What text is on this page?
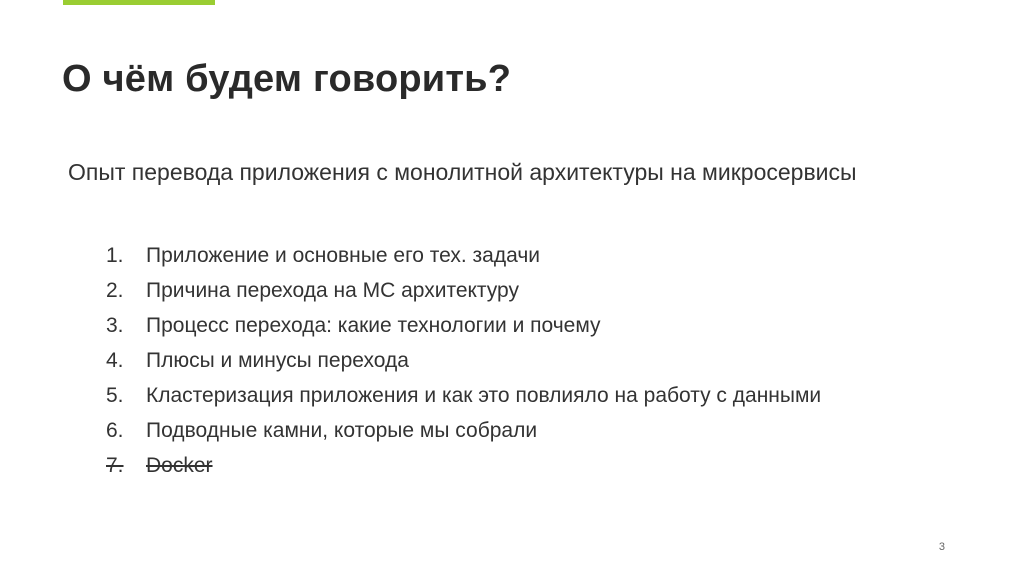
О чём будем говорить?
Опыт перевода приложения с монолитной архитектуры на микросервисы
1.	Приложение и основные его тех. задачи
2.	Причина перехода на МС архитектуру
3.	Процесс перехода: какие технологии и почему
4.	Плюсы и минусы перехода
5.	Кластеризация приложения и как это повлияло на работу с данными
6.	Подводные камни, которые мы собрали
7.	Docker
3
